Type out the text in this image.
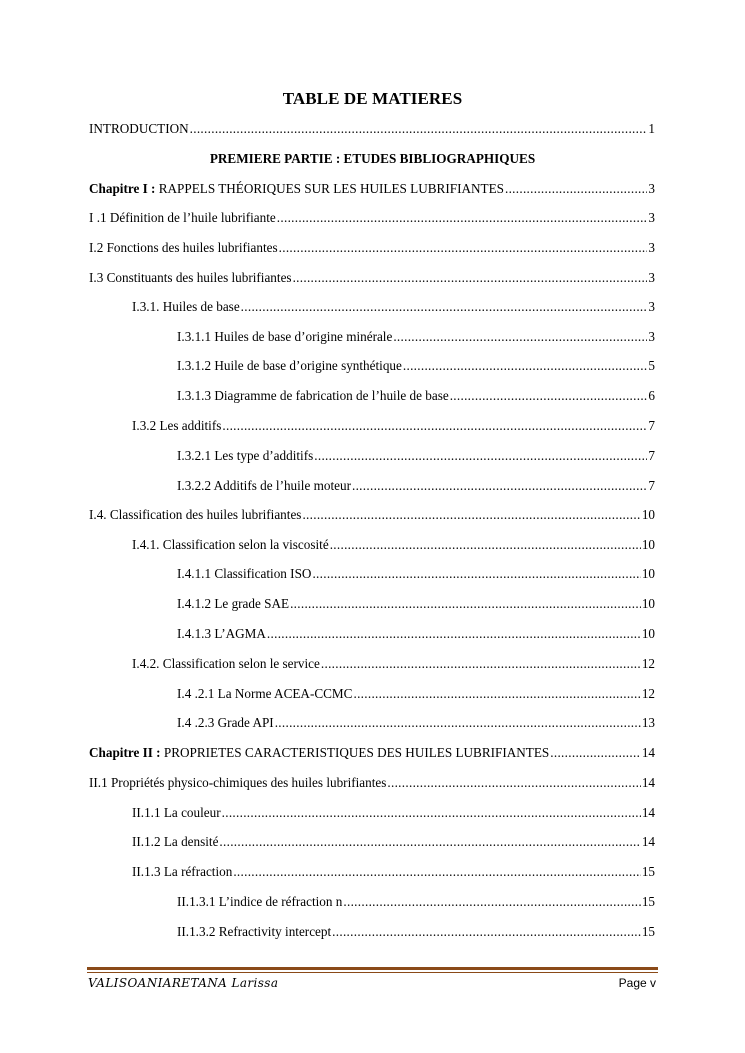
TABLE DE MATIERES
INTRODUCTION .....	1
PREMIERE PARTIE : ETUDES BIBLIOGRAPHIQUES
Chapitre I : RAPPELS THÉORIQUES SUR LES HUILES LUBRIFIANTES .....	3
I .1 Définition de l’huile lubrifiante .....	3
I.2 Fonctions des huiles lubrifiantes .....	3
I.3 Constituants des huiles lubrifiantes .....	3
I.3.1. Huiles de base .....	3
I.3.1.1 Huiles de base d’origine minérale .....	3
I.3.1.2 Huile de base d’origine synthétique .....	5
I.3.1.3 Diagramme de fabrication de l’huile de base .....	6
I.3.2 Les additifs .....	7
I.3.2.1 Les type d’additifs .....	7
I.3.2.2 Additifs de l’huile moteur .....	7
I.4. Classification des huiles lubrifiantes .....	10
I.4.1. Classification selon la viscosité .....	10
I.4.1.1 Classification ISO .....	10
I.4.1.2 Le grade SAE .....	10
I.4.1.3 L’AGMA .....	10
I.4.2. Classification selon le service .....	12
I.4 .2.1 La Norme ACEA-CCMC .....	12
I.4 .2.3 Grade API .....	13
Chapitre II : PROPRIETES CARACTERISTIQUES DES HUILES LUBRIFIANTES .....	14
II.1 Propriétés physico-chimiques des huiles lubrifiantes .....	14
II.1.1 La couleur .....	14
II.1.2 La densité .....	14
II.1.3 La réfraction .....	15
II.1.3.1 L’indice de réfraction n .....	15
II.1.3.2 Refractivity intercept .....	15
VALISOANIARETANA Larissa	Page v
